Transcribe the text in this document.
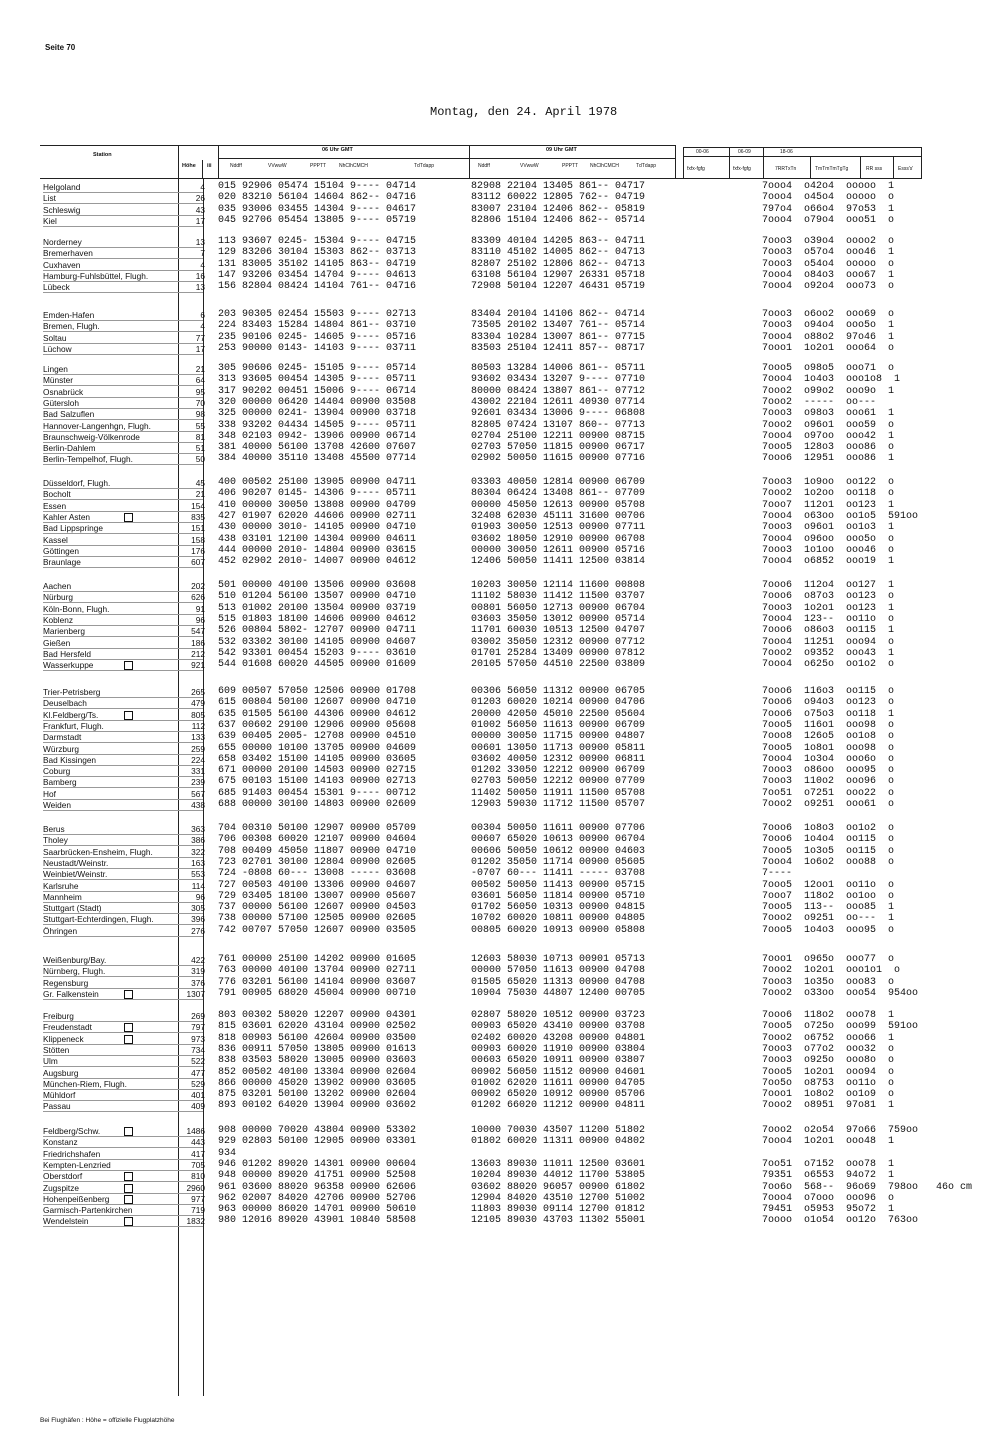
Seite 70
Montag, den 24. April 1978
Station
Höhe iii
06 Uhr GMT	09 Uhr GMT
Nddff	VVwwW	PPPTT	NhClhCMCH	TdTdapp	Nddff	VVwwW	PPPTT NhClhCMCH	TdTdapp
00-06	06-09	18-06
fxfx-fgfg	fxfx-fgfg	7RRTxTn	TmTmTmTgTg	RR sss	Esss's'
Helgoland	4 015 92906 05474 15104 9---- 04714	82908 22104 13405 861-- 04717	7ooo4  o42o4  ooooo  1
List	26 020 83210 56104 14604 862-- 04716	83112 60022 12805 762-- 04719	7ooo4  o45o4  ooooo  o
Schleswig	43 035 93006 03455 14304 9---- 04617	83007 23104 12406 862-- 05819	797o4  o66o4  97o53  1
Kiel	17 045 92706 05454 13805 9---- 05719	82806 15104 12406 862-- 05714	7ooo4  o79o4  ooo51  o
Norderney	13 113 93607 0245- 15304 9---- 04715	83309 40104 14205 863-- 04711	7ooo3  o39o4  oooo2  o
Bremerhaven	7 129 83206 30104 15303 862-- 03713	83110 45102 14005 862-- 04713	7ooo3  o57o4  ooo46  1
Cuxhaven	4 131 83005 35102 14105 863-- 04719	82807 25102 12806 862-- 04713	7ooo3  o54o4  ooooo  o
Hamburg-Fuhlsbüttel, Flugh.	16 147 93206 03454 14704 9---- 04613	63108 56104 12907 26331 05718	7ooo4  o84o3  ooo67  1
Lübeck	13 156 82804 08424 14104 761-- 04716	72908 50104 12207 46431 05719	7ooo4  o92o4  ooo73  o
Emden-Hafen	6 203 90305 02454 15503 9---- 02713	83404 20104 14106 862-- 04714	7ooo3  o6oo2  ooo69  o
Bremen, Flugh.	4 224 83403 15284 14804 861-- 03710	73505 20102 13407 761-- 05714	7ooo3  o94o4  ooo5o  1
Soltau	77 235 90106 0245- 14605 9---- 05716	83304 10284 13007 861-- 07715	7ooo4  o88o2  97o46  1
Lüchow	17 253 90000 0143- 14103 9---- 03711	83503 25104 12411 857-- 08717	7ooo1  1o2o1  ooo64  o
Lingen	21 305 90606 0245- 15105 9---- 05714	80503 13284 14006 861-- 05711	7ooo5  o98o5  ooo71  o
Münster	64 313 93605 00454 14305 9---- 05711	93602 03434 13207 9---- 07710	7ooo4  1o4o3  ooo1o8  1
Osnabrück	95 317 90202 00451 15006 9---- 06714	80000 08424 13807 861-- 07712	7ooo2  o99o2  ooo9o  1
Gütersloh	70 320 00000 06420 14404 00900 03508	43002 22104 12611 40930 07714	7ooo2  -----  oo---
Bad Salzuflen	98 325 00000 0241- 13904 00900 03718	92601 03434 13006 9---- 06808	7ooo3  o98o3  ooo61  1
Hannover-Langenhgn, Flugh.	55 338 93202 04434 14505 9---- 05711	82805 07424 13107 860-- 07713	7ooo2  o96o1  ooo59  o
Braunschweig-Völkenrode	81 348 02103 0942- 13906 00900 06714	02704 25100 12211 00900 08715	7ooo4  o97oo  ooo42  1
Berlin-Dahlem	51 381 40000 56100 13708 42600 07607	02703 57050 11815 00900 06717	7ooo5  128o3  ooo86  o
Berlin-Tempelhof, Flugh.	50 384 40000 35110 13408 45500 07714	02902 50050 11615 00900 07716	7ooo6  12951  ooo86  1
Düsseldorf, Flugh.	45 400 00502 25100 13905 00900 04711	03303 40050 12814 00900 06709	7ooo3  1o9oo  oo122  o
Bocholt	21 406 90207 0145- 14306 9---- 05711	80304 06424 13408 861-- 07709	7ooo2  1o2oo  oo118  o
Essen	154 410 00000 30050 13808 00900 04709	00000 45050 12613 00900 05708	7ooo7  112o1  oo123  1
Kahler Asten	835 427 01907 62020 44606 00900 02711	32408 62030 45111 31600 00706	7ooo4  o63oo  oo1o5  591oo
Bad Lippspringe	151 430 00000 3010- 14105 00900 04710	01903 30050 12513 00900 07711	7ooo3  o96o1  oo1o3  1
Kassel	158 438 03101 12100 14304 00900 04611	03602 18050 12910 00900 06708	7ooo4  o96oo  ooo5o  o
Göttingen	176 444 00000 2010- 14804 00900 03615	00000 30050 12611 00900 05716	7ooo3  1o1oo  ooo46  o
Braunlage	607 452 02902 2010- 14007 00900 04612	12406 50050 11411 12500 03814	7ooo4  o6852  ooo19  1
Aachen	202 501 00000 40100 13506 00900 03608	10203 30050 12114 11600 00808	7ooo6  112o4  oo127  1
Nürburg	626 510 01204 56100 13507 00900 04710	11102 58030 11412 11500 03707	7ooo6  o87o3  oo123  o
Köln-Bonn, Flugh.	91 513 01002 20100 13504 00900 03719	00801 56050 12713 00900 06704	7ooo3  1o2o1  oo123  1
Koblenz	96 515 01803 18100 14606 00900 04612	03603 35050 13012 00900 05714	7ooo4  123--  oo11o  o
Marienberg	547 526 00804 5802- 12707 00900 04711	11701 60030 10513 12500 04707	7ooo6  o86o3  oo115  1
Gießen	186 532 03302 30100 14105 00900 04607	03002 35050 12312 00900 07712	7ooo4  11251  ooo94  o
Bad Hersfeld	212 542 93301 00454 15203 9---- 03610	01701 25284 13409 00900 07812	7ooo2  o9352  ooo43  1
Wasserkuppe	921 544 01608 60020 44505 00900 01609	20105 57050 44510 22500 03809	7ooo4  o625o  oo1o2  o
Trier-Petrisberg	265 609 00507 57050 12506 00900 01708	00306 56050 11312 00900 06705	7ooo6  116o3  oo115  o
Deuselbach	479 615 00804 50100 12607 00900 04710	01203 60020 10214 00900 04706	7ooo6  o94o3  oo123  o
Kl.Feldberg/Ts.	805 635 01505 56100 44306 00900 04612	20000 42050 45010 22500 05604	7ooo6  o75o3  oo118  1
Frankfurt, Flugh.	112 637 00602 29100 12906 00900 05608	01002 56050 11613 00900 06709	7ooo5  116o1  ooo98  o
Darmstadt	133 639 00405 2005- 12708 00900 04510	00000 30050 11715 00900 04807	7ooo8  126o5  oo1o8  o
Würzburg	259 655 00000 10100 13705 00900 04609	00601 13050 11713 00900 05811	7ooo5  1o8o1  ooo98  o
Bad Kissingen	224 658 03402 15100 14105 00900 03605	03602 40050 12312 00900 06811	7ooo4  1o3o4  ooo6o  o
Coburg	331 671 00000 20100 14503 00900 02715	01202 33050 12212 00900 06709	7ooo3  o86oo  ooo95  o
Bamberg	239 675 00103 15100 14103 00900 02713	02703 50050 12212 00900 07709	7ooo3  110o2  ooo96  o
Hof	567 685 91403 00454 15301 9---- 00712	11402 50050 11911 11500 05708	7oo51  o7251  ooo22  o
Weiden	438 688 00000 30100 14803 00900 02609	12903 59030 11712 11500 05707	7ooo2  o9251  ooo61  o
Berus	363 704 00310 50100 12907 00900 05709	00304 50050 11611 00900 07706	7ooo6  1o8o3  oo1o2  o
Tholey	386 706 00308 60020 12107 00900 04604	00607 65020 10613 00900 06704	7ooo6  1o4o4  oo115  o
Saarbrücken-Ensheim, Flugh.	322 708 00409 45050 11807 00900 04710	00606 50050 10612 00900 04603	7ooo5  1o3o5  oo115  o
Neustadt/Weinstr.	163 723 02701 30100 12804 00900 02605	01202 35050 11714 00900 05605	7ooo4  1o6o2  ooo88  o
Weinbiet/Weinstr.	553 724 -0808 60--- 13008 ----- 03608	-0707 60--- 11411 ----- 03708	7----
Karlsruhe	114 727 00503 40100 13306 00900 04607	00502 50050 11413 00900 05715	7ooo5  12oo1  oo11o  o
Mannheim	96 729 03405 18100 13007 00900 05607	03601 56050 11814 00900 05710	7ooo7  118o2  oo1oo  o
Stuttgart (Stadt)	305 737 00000 56100 12607 00900 04503	01702 56050 10313 00900 04815	7ooo5  113--  ooo85  1
Stuttgart-Echterdingen, Flugh.	396 738 00000 57100 12505 00900 02605	10702 60020 10811 00900 04805	7ooo2  o9251  oo---  1
Öhringen	276 742 00707 57050 12607 00900 03505	00805 60020 10913 00900 05808	7ooo5  1o4o3  ooo95  o
Weißenburg/Bay.	422 761 00000 25100 14202 00900 01605	12603 58030 10713 00901 05713	7ooo1  o965o  ooo77  o
Nürnberg, Flugh.	319 763 00000 40100 13704 00900 02711	00000 57050 11613 00900 04708	7ooo2  1o2o1  ooo1o1  o
Regensburg	376 776 03201 56100 14104 00900 03607	01505 65020 11313 00900 04708	7ooo3  1o35o  ooo83  o
Gr. Falkenstein	1307 791 00905 68020 45004 00900 00710	10904 75030 44807 12400 00705	7ooo2  o33oo  ooo54  954oo
Freiburg	269 803 00302 58020 12207 00900 04301	02807 58020 10512 00900 03723	7ooo6  118o2  ooo78  1
Freudenstadt	797 815 03601 62020 43104 00900 02502	00903 65020 43410 00900 03708	7ooo5  o725o  ooo99  591oo
Klippeneck	973 818 00903 56100 42604 00900 03500	02402 60020 43208 00900 04801	7ooo2  o6752  ooo66  1
Stötten	734 836 00911 57050 13805 00900 01613	00903 60020 11910 00900 03804	7ooo3  o77o2  ooo32  o
Ulm	522 838 03503 58020 13005 00900 03603	00603 65020 10911 00900 03807	7ooo3  o925o  ooo8o  o
Augsburg	477 852 00502 40100 13304 00900 02604	00902 56050 11512 00900 04601	7ooo5  1o2o1  ooo94  o
München-Riem, Flugh.	529 866 00000 45020 13902 00900 03605	01002 62020 11611 00900 04705	7oo5o  o8753  oo11o  o
Mühldorf	401 875 03201 50100 13202 00900 02604	00902 65020 10912 00900 05706	7ooo1  1o8o2  oo1o9  o
Passau	409 893 00102 64020 13904 00900 03602	01202 66020 11212 00900 04811	7ooo2  o8951  97o81  1
Feldberg/Schw.	1486 908 00000 70020 43804 00900 53302	10000 70030 43507 11200 51802	7ooo2  o2o54  97o66  759oo
Konstanz	443 929 02803 50100 12905 00900 03301	01802 60020 11311 00900 04802	7ooo4  1o2o1  ooo48  1
Friedrichshafen	417 934
Kempten-Lenzried	705 946 01202 89020 14301 00900 00604	13603 89030 11011 12500 03601	7oo51  o7152  ooo78  1
Oberstdorf	810 948 00000 89020 41751 00900 52508	10204 89030 44012 11700 53805	79351  o6553  94o72  1
Zugspitze	2960 961 03600 88020 96358 00900 62606	03602 88020 96057 00900 61802	7oo6o  568--  96o69  798oo   46o cm
Hohenpeißenberg	977 962 02007 84020 42706 00900 52706	12904 84020 43510 12700 51002	7ooo4  o7ooo  ooo96  o
Garmisch-Partenkirchen	719 963 00000 86020 14701 00900 50610	11803 89030 09114 12700 01812	79451  o5953  95o72  1
Wendelstein	1832 980 12016 89020 43901 10840 58508	12105 89030 43703 11302 55001	7oooo  o1o54  oo12o  763oo
Bei Flughäfen : Höhe = offizielle Flugplatzhöhe
